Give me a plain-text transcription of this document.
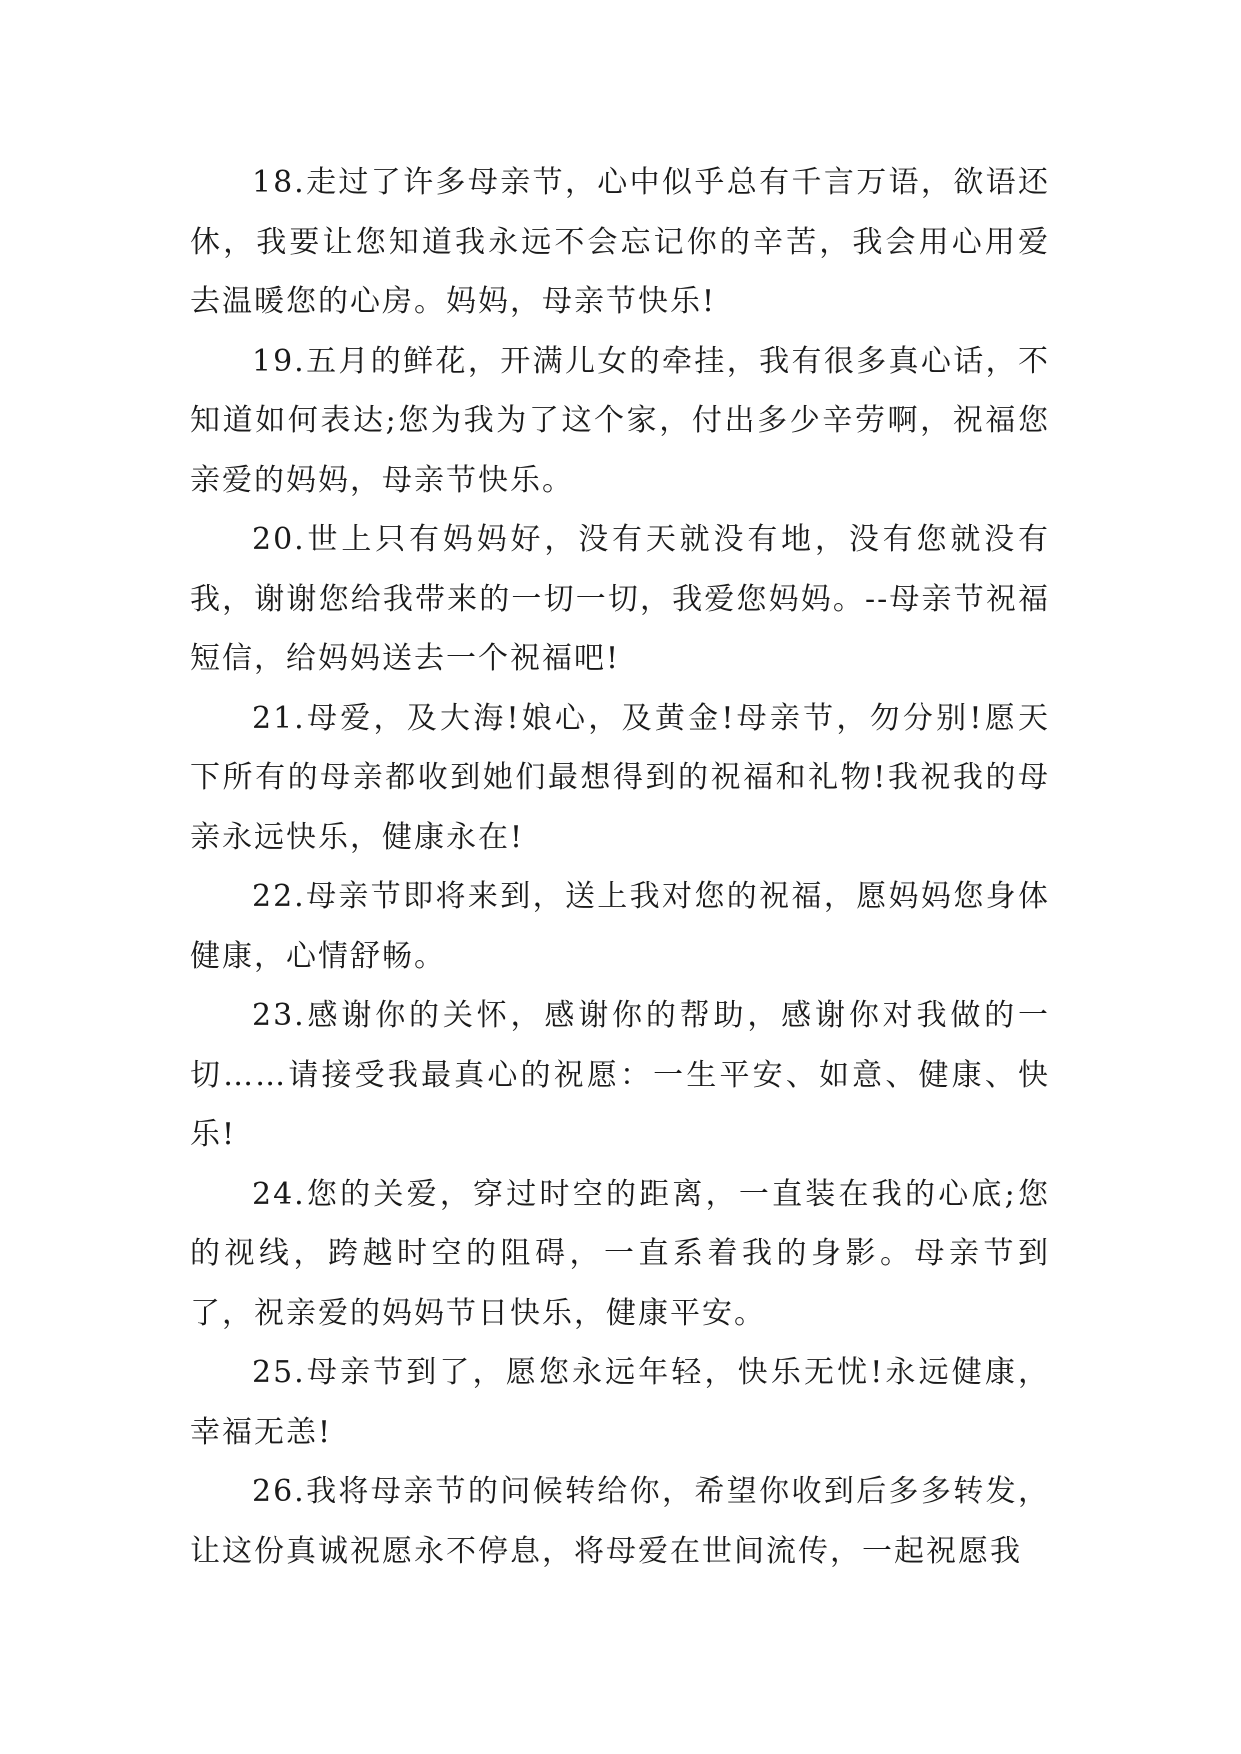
18.走过了许多母亲节，心中似乎总有千言万语，欲语还休，我要让您知道我永远不会忘记你的辛苦，我会用心用爱去温暖您的心房。妈妈，母亲节快乐!

19.五月的鲜花，开满儿女的牵挂，我有很多真心话，不知道如何表达;您为我为了这个家，付出多少辛劳啊，祝福您亲爱的妈妈，母亲节快乐。

20.世上只有妈妈好，没有天就没有地，没有您就没有我，谢谢您给我带来的一切一切，我爱您妈妈。--母亲节祝福短信，给妈妈送去一个祝福吧!

21.母爱，及大海!娘心，及黄金!母亲节，勿分别!愿天下所有的母亲都收到她们最想得到的祝福和礼物!我祝我的母亲永远快乐，健康永在!

22.母亲节即将来到，送上我对您的祝福，愿妈妈您身体健康，心情舒畅。

23.感谢你的关怀，感谢你的帮助，感谢你对我做的一切……请接受我最真心的祝愿：一生平安、如意、健康、快乐!

24.您的关爱，穿过时空的距离，一直装在我的心底;您的视线，跨越时空的阻碍，一直系着我的身影。母亲节到了，祝亲爱的妈妈节日快乐，健康平安。

25.母亲节到了，愿您永远年轻，快乐无忧!永远健康，幸福无恙!

26.我将母亲节的问候转给你，希望你收到后多多转发，让这份真诚祝愿永不停息，将母爱在世间流传，一起祝愿我
